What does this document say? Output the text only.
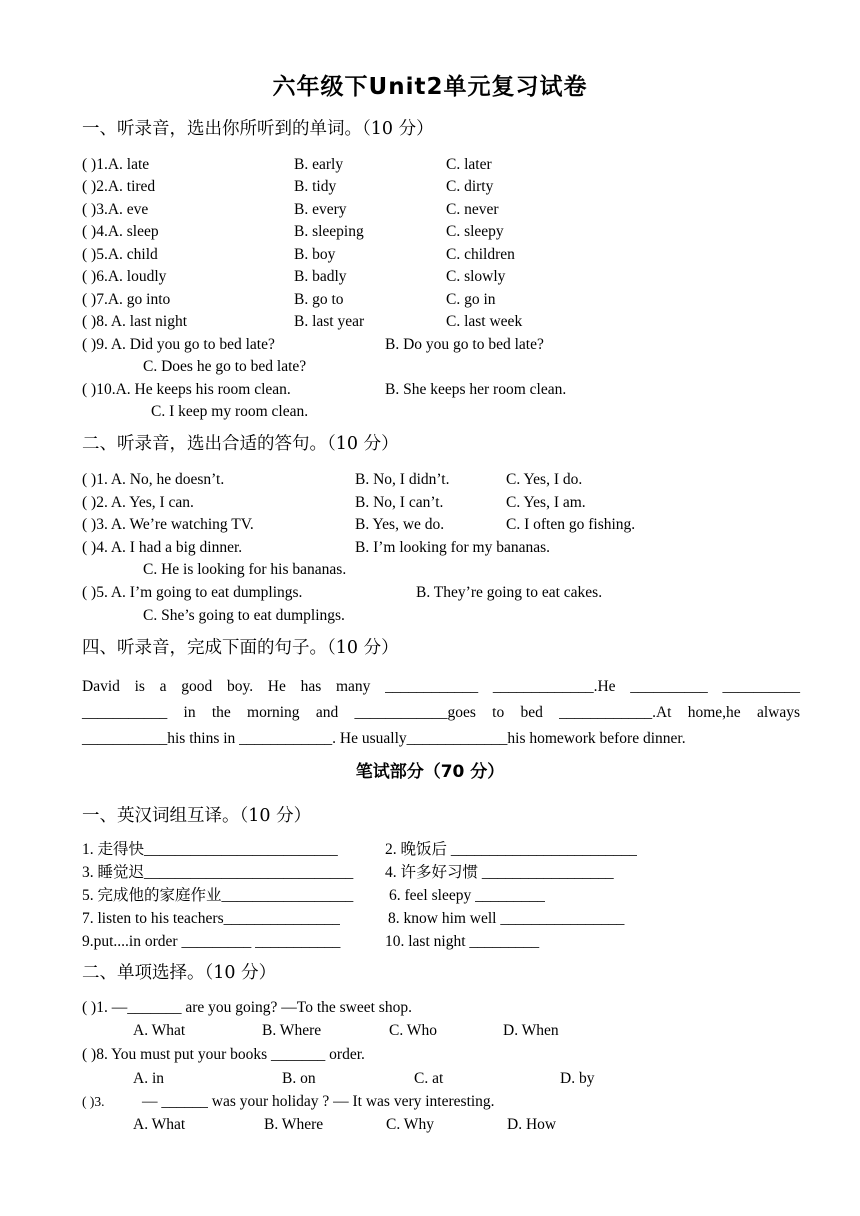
六年级下Unit2单元复习试卷
一、听录音，选出你所听到的单词。（10 分）
( )1.A. late	B. early	C. later
( )2.A. tired	B. tidy	C. dirty
( )3.A. eve	B. every	C. never
( )4.A. sleep	B. sleeping	C. sleepy
( )5.A. child	B. boy	C. children
( )6.A. loudly	B. badly	C. slowly
( )7.A. go into	B. go to	C. go in
( )8. A. last night	B. last year	C. last week
( )9. A. Did you go to bed late?	B. Do you go to bed late?
C. Does he go to bed late?
( )10.A. He keeps his room clean.	B. She keeps her room clean.
C. I keep my room clean.
二、听录音，选出合适的答句。（10 分）
( )1. A. No, he doesn’t.	B. No, I didn’t.	C. Yes, I do.
( )2. A. Yes, I can.	B. No, I can’t.	C. Yes, I am.
( )3. A. We’re watching TV.	B. Yes, we do.	C. I often go fishing.
( )4. A. I had a big dinner.	B. I’m looking for my bananas.
C. He is looking for his bananas.
( )5. A. I’m going to eat dumplings.	B. They’re going to eat cakes.
C. She’s going to eat dumplings.
四、听录音，完成下面的句子。（10 分）
David is a good boy. He has many ____________ _____________.He __________ __________
___________ in the morning and ____________goes to bed ____________.At home,he always
___________his thins in ____________. He usually_____________his homework before dinner.
笔试部分（70 分）
一、英汉词组互译。（10 分）
1. 走得快_________________________	2. 晚饭后 ________________________
3. 睡觉迟___________________________ 4. 许多好习惯 _________________
5. 完成他的家庭作业_________________ 6. feel sleepy _________
7. listen to his teachers_______________	8. know him well ________________
9.put....in order _________ ___________	10. last night _________
二、单项选择。（10 分）
( )1. —_______ are you going? —To the sweet shop.
A. What	B. Where	C. Who	D. When
( )8. You must put your books _______ order.
A. in	B. on	C. at	D. by
( )3. — ______ was your holiday ? — It was very interesting.
A. What	B. Where	C. Why	D. How
